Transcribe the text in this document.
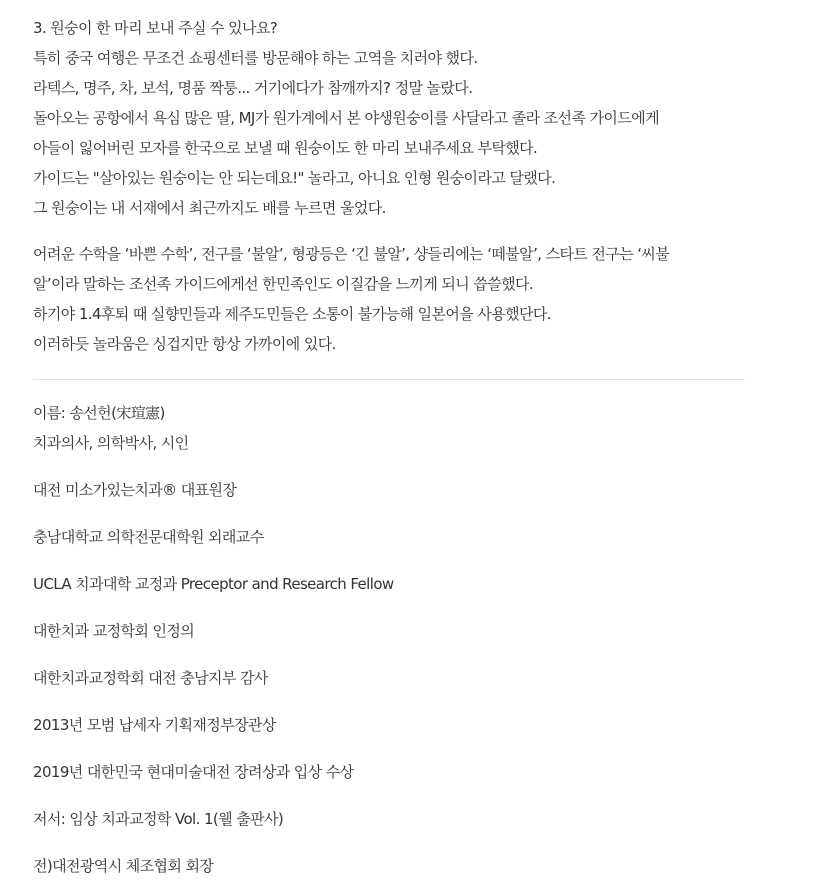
3. 원숭이 한 마리 보내 주실 수 있나요?

특히 중국 여행은 무조건 쇼핑센터를 방문해야 하는 고역을 치러야 했다.

라텍스, 명주, 차, 보석, 명품 짝퉁... 거기에다가 참깨까지? 정말 놀랐다.

돌아오는 공항에서 욕심 많은 딸, MJ가 원가계에서 본 야생원숭이를 사달라고 졸라 조선족 가이드에게

아들이 잃어버린 모자를 한국으로 보낼 때 원숭이도 한 마리 보내주세요 부탁했다.

가이드는 "살아있는 원숭이는 안 되는데요!" 놀라고, 아니요 인형 원숭이라고 달랬다.

그 원숭이는 내 서재에서 최근까지도 배를 누르면 울었다.

어려운 수학을 ‘바쁜 수학’, 전구를 ‘불알’, 형광등은 ‘긴 불알’, 샹들리에는 ‘떼불알’, 스타트 전구는 ‘씨불

알’이라 말하는 조선족 가이드에게선 한민족인도 이질감을 느끼게 되니 씁쓸했다.

하기야 1.4후퇴 때 실향민들과 제주도민들은 소통이 불가능해 일본어을 사용했단다.

이러하듯 놀라움은 싱겁지만 항상 가까이에 있다.

이름: 송선헌(宋瑄憲)

치과의사, 의학박사, 시인

대전 미소가있는치과® 대표원장

충남대학교 의학전문대학원 외래교수

UCLA 치과대학 교정과 Preceptor and Research Fellow

대한치과 교정학회 인정의

대한치과교정학회 대전 충남지부 감사

2013년 모범 납세자 기획재정부장관상

2019년 대한민국 현대미술대전 장려상과 입상 수상

저서: 임상 치과교정학 Vol. 1(웰 출판사)

전)대전광역시 체조협회 회장
